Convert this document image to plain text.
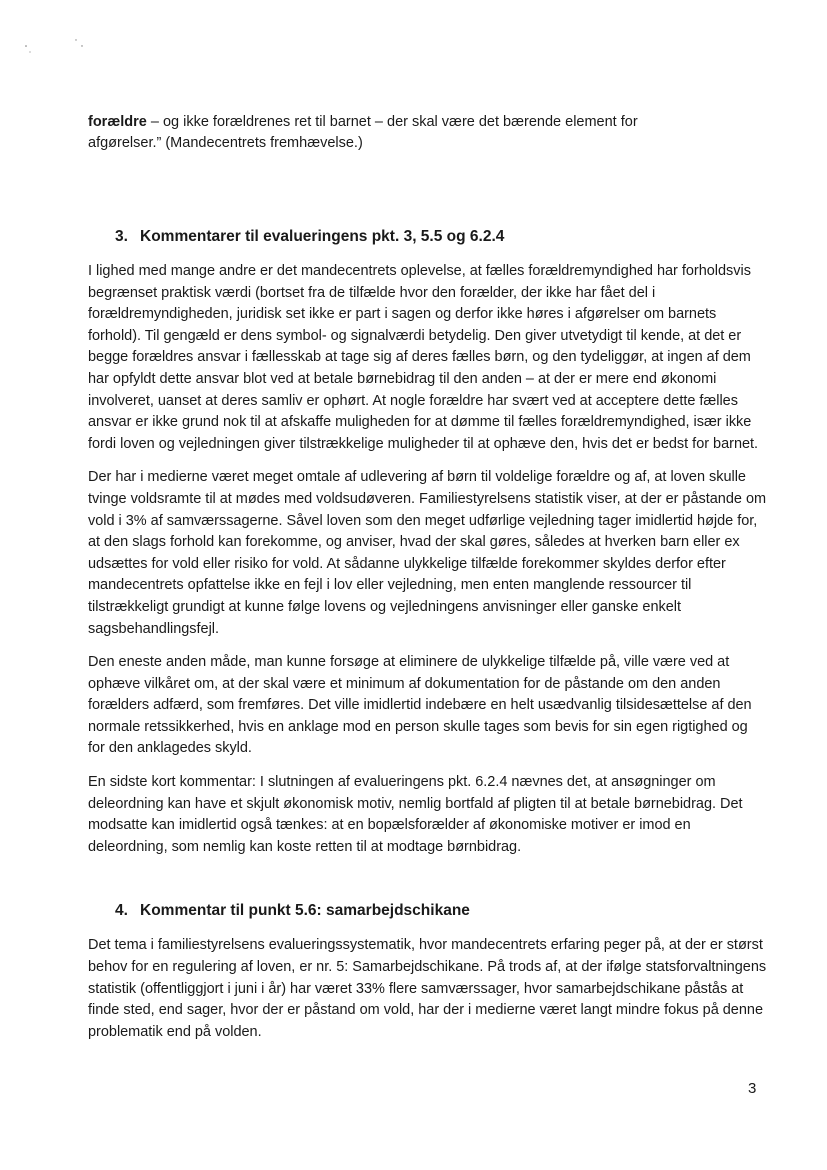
forældre – og ikke forældrenes ret til barnet – der skal være det bærende element for
afgørelser.” (Mandecentrets fremhævelse.)

3. Kommentarer til evalueringens pkt. 3, 5.5 og 6.2.4

I lighed med mange andre er det mandecentrets oplevelse, at fælles forældremyndighed har forholdsvis begrænset praktisk værdi (bortset fra de tilfælde hvor den forælder, der ikke har fået del i forældremyndigheden, juridisk set ikke er part i sagen og derfor ikke høres i afgørelser om barnets forhold). Til gengæld er dens symbol- og signalværdi betydelig. Den giver utvetydigt til kende, at det er begge forældres ansvar i fællesskab at tage sig af deres fælles børn, og den tydeliggør, at ingen af dem har opfyldt dette ansvar blot ved at betale børnebidrag til den anden – at der er mere end økonomi involveret, uanset at deres samliv er ophørt. At nogle forældre har svært ved at acceptere dette fælles ansvar er ikke grund nok til at afskaffe muligheden for at dømme til fælles forældremyndighed, især ikke fordi loven og vejledningen giver tilstrækkelige muligheder til at ophæve den, hvis det er bedst for barnet.

Der har i medierne været meget omtale af udlevering af børn til voldelige forældre og af, at loven skulle tvinge voldsramte til at mødes med voldsudøveren. Familiestyrelsens statistik viser, at der er påstande om vold i 3% af samværssagerne. Såvel loven som den meget udførlige vejledning tager imidlertid højde for, at den slags forhold kan forekomme, og anviser, hvad der skal gøres, således at hverken barn eller ex udsættes for vold eller risiko for vold. At sådanne ulykkelige tilfælde forekommer skyldes derfor efter mandecentrets opfattelse ikke en fejl i lov eller vejledning, men enten manglende ressourcer til tilstrækkeligt grundigt at kunne følge lovens og vejledningens anvisninger eller ganske enkelt sagsbehandlingsfejl.

Den eneste anden måde, man kunne forsøge at eliminere de ulykkelige tilfælde på, ville være ved at ophæve vilkåret om, at der skal være et minimum af dokumentation for de påstande om den anden forælders adfærd, som fremføres. Det ville imidlertid indebære en helt usædvanlig tilsidesættelse af den normale retssikkerhed, hvis en anklage mod en person skulle tages som bevis for sin egen rigtighed og for den anklagedes skyld.

En sidste kort kommentar: I slutningen af evalueringens pkt. 6.2.4 nævnes det, at ansøgninger om deleordning kan have et skjult økonomisk motiv, nemlig bortfald af pligten til at betale børnebidrag. Det modsatte kan imidlertid også tænkes: at en bopælsforælder af økonomiske motiver er imod en deleordning, som nemlig kan koste retten til at modtage børnbidrag.

4. Kommentar til punkt 5.6: samarbejdschikane

Det tema i familiestyrelsens evalueringssystematik, hvor mandecentrets erfaring peger på, at der er størst behov for en regulering af loven, er nr. 5: Samarbejdschikane. På trods af, at der ifølge statsforvaltningens statistik (offentliggjort i juni i år) har været 33% flere samværssager, hvor samarbejdschikane påstås at finde sted, end sager, hvor der er påstand om vold, har der i medierne været langt mindre fokus på denne problematik end på volden.

3
